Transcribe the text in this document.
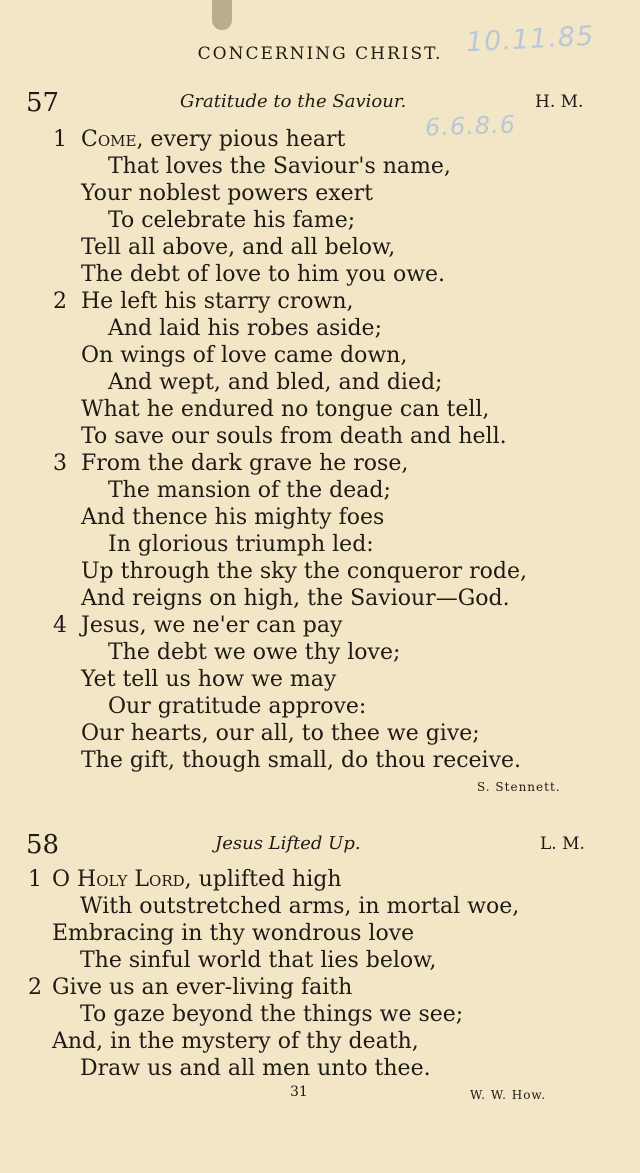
CONCERNING CHRIST. 10.11.85
6.6.8.6
57	Gratitude to the Saviour.	H. M.
1 Come, every pious heart
That loves the Saviour's name,
Your noblest powers exert
To celebrate his fame;
Tell all above, and all below,
The debt of love to him you owe.
2 He left his starry crown,
And laid his robes aside;
On wings of love came down,
And wept, and bled, and died;
What he endured no tongue can tell,
To save our souls from death and hell.
3 From the dark grave he rose,
The mansion of the dead;
And thence his mighty foes
In glorious triumph led:
Up through the sky the conqueror rode,
And reigns on high, the Saviour—God.
4 Jesus, we ne'er can pay
The debt we owe thy love;
Yet tell us how we may
Our gratitude approve:
Our hearts, our all, to thee we give;
The gift, though small, do thou receive.
S. Stennett.
58	Jesus Lifted Up.	L. M.
1 O Holy Lord, uplifted high
With outstretched arms, in mortal woe,
Embracing in thy wondrous love
The sinful world that lies below,
2 Give us an ever-living faith
To gaze beyond the things we see;
And, in the mystery of thy death,
Draw us and all men unto thee.
31	W. W. How.
